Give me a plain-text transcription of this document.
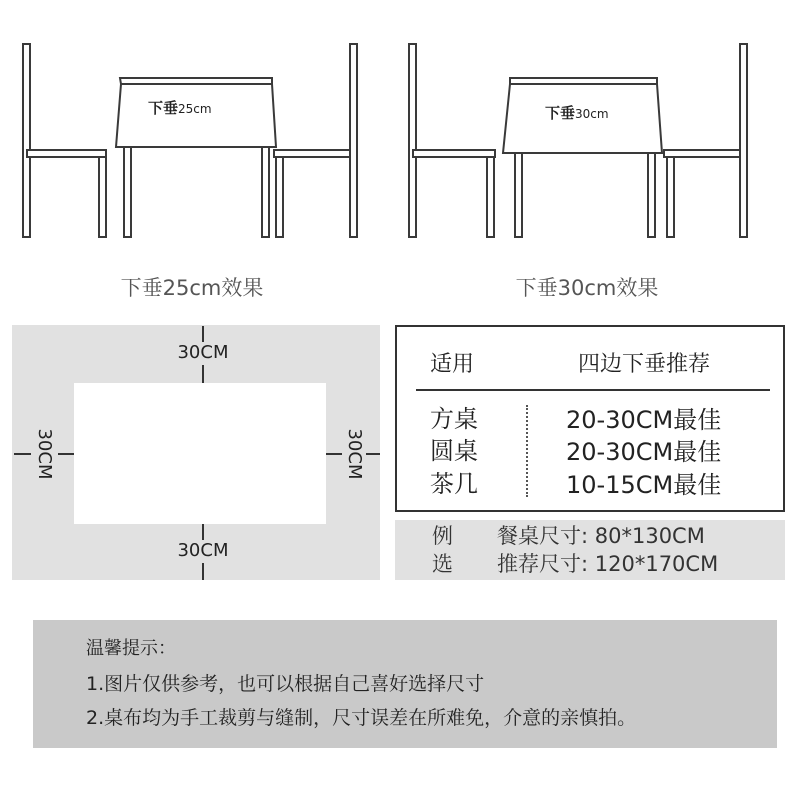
下垂25cm	下垂30cm
下垂25cm效果	下垂30cm效果
30CM
30CM
30CM	30CM
适用	四边下垂推荐
方桌	20-30CM最佳
圆桌	20-30CM最佳
茶几	10-15CM最佳
例 餐桌尺寸: 80*130CM
选 推荐尺寸: 120*170CM
温馨提示：
1.图片仅供参考，也可以根据自己喜好选择尺寸
2.桌布均为手工裁剪与缝制，尺寸误差在所难免，介意的亲慎拍。
